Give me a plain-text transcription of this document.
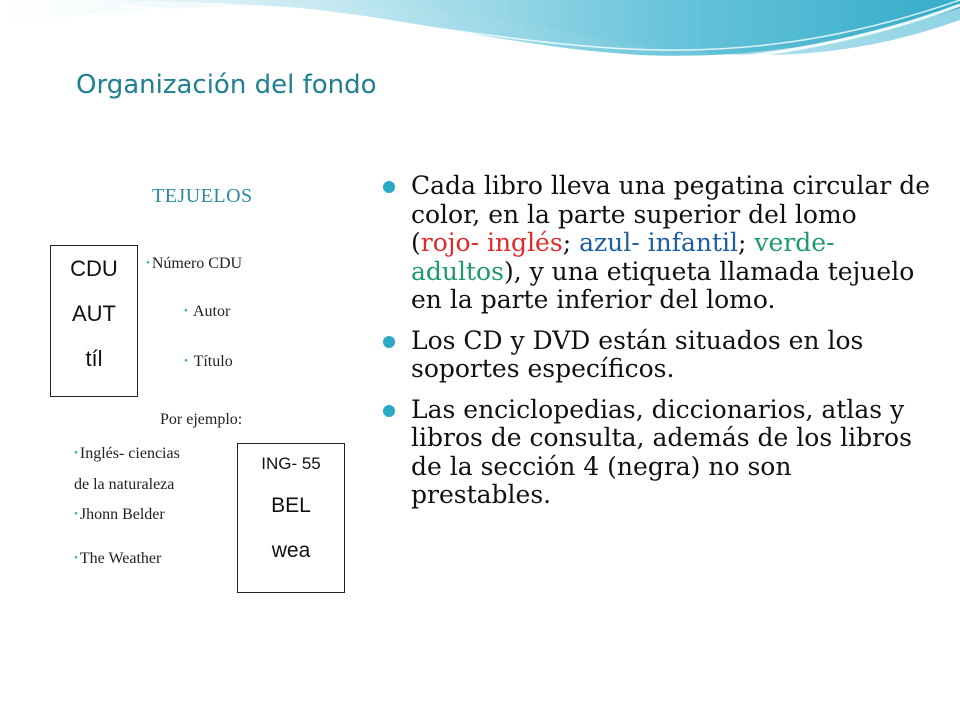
Organización del fondo
TEJUELOS
CDU
AUT
tíl
• Número CDU
• Autor
• Título
Por ejemplo:
• Inglés- ciencias
de la naturaleza
• Jhonn Belder
• The Weather
ING- 55
BEL
wea

Cada libro lleva una pegatina circular de color, en la parte superior del lomo (rojo- inglés; azul- infantil; verde- adultos), y una etiqueta llamada tejuelo en la parte inferior del lomo.

Los CD y DVD están situados en los soportes específicos.

Las enciclopedias, diccionarios, atlas y libros de consulta, además de los libros de la sección 4 (negra) no son prestables.
